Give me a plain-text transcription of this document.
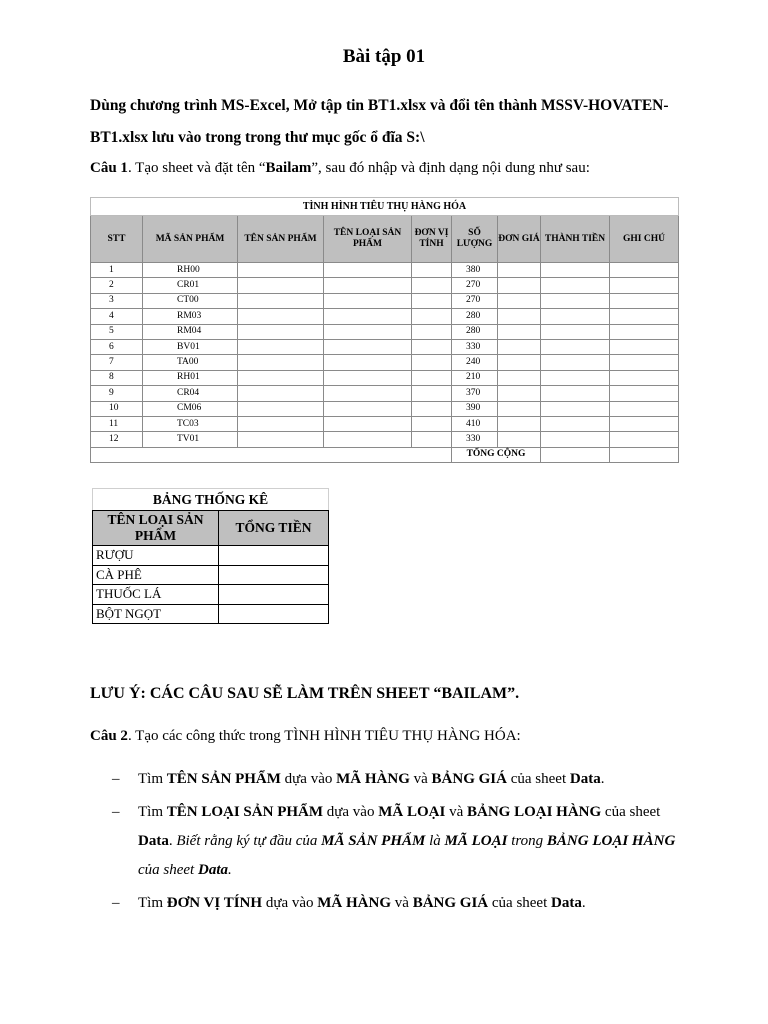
Bài tập 01
Dùng chương trình MS-Excel, Mở tập tin BT1.xlsx và đổi tên thành MSSV-HOVATEN-BT1.xlsx lưu vào trong trong thư mục gốc ổ đĩa S:\
Câu 1. Tạo sheet và đặt tên “Bailam”, sau đó nhập và định dạng nội dung như sau:
TÌNH HÌNH TIÊU THỤ HÀNG HÓA								
STT	MÃ SẢN PHẨM	TÊN SẢN PHẨM	TÊN LOẠI SẢN PHẨM	ĐƠN VỊ TÍNH	SỐ LƯỢNG	ĐƠN GIÁ	THÀNH TIỀN	GHI CHÚ
1	RH00				380			
2	CR01				270			
3	CT00				270			
4	RM03				280			
5	RM04				280			
6	BV01				330			
7	TA00				240			
8	RH01				210			
9	CR04				370			
10	CM06				390			
11	TC03				410			
12	TV01				330			
					TỔNG CỘNG			
BẢNG THỐNG KÊ	
TÊN LOẠI SẢN PHẨM	TỔNG TIỀN
RƯỢU	
CÀ PHÊ	
THUỐC LÁ	
BỘT NGỌT	
LƯU Ý: CÁC CÂU SAU SẼ LÀM TRÊN SHEET “BAILAM”.
Câu 2. Tạo các công thức trong TÌNH HÌNH TIÊU THỤ HÀNG HÓA:
– Tìm TÊN SẢN PHẨM dựa vào MÃ HÀNG và BẢNG GIÁ của sheet Data.
– Tìm TÊN LOẠI SẢN PHẨM dựa vào MÃ LOẠI và BẢNG LOẠI HÀNG của sheet Data. Biết rằng ký tự đầu của MÃ SẢN PHẨM là MÃ LOẠI trong BẢNG LOẠI HÀNG của sheet Data.
– Tìm ĐƠN VỊ TÍNH dựa vào MÃ HÀNG và BẢNG GIÁ của sheet Data.
